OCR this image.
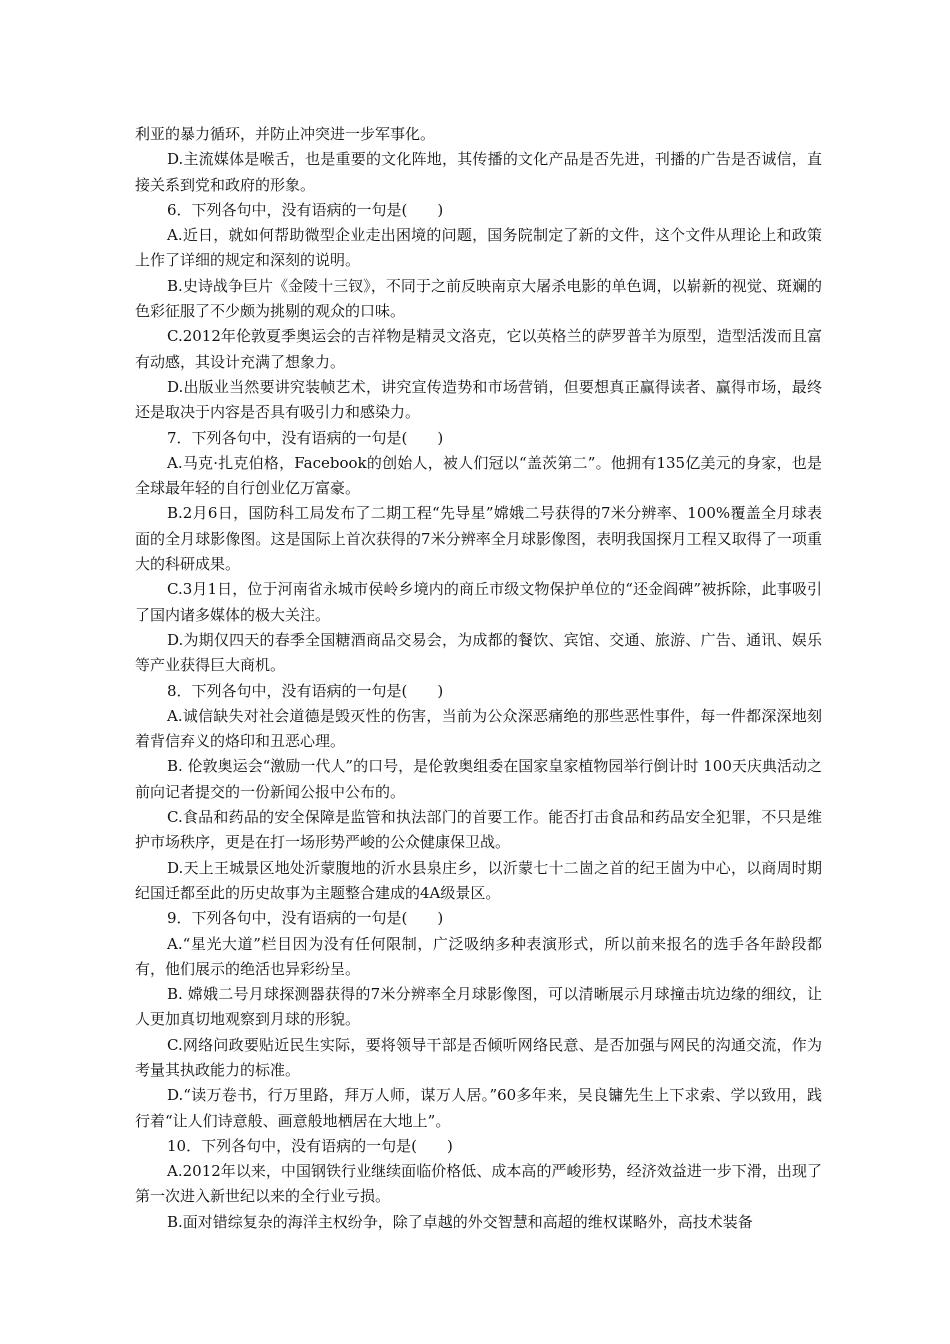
利亚的暴力循环，并防止冲突进一步军事化。

D.主流媒体是喉舌，也是重要的文化阵地，其传播的文化产品是否先进，刊播的广告是否诚信，直接关系到党和政府的形象。

6．下列各句中，没有语病的一句是(　　)

A.近日，就如何帮助微型企业走出困境的问题，国务院制定了新的文件，这个文件从理论上和政策上作了详细的规定和深刻的说明。

B.史诗战争巨片《金陵十三钗》，不同于之前反映南京大屠杀电影的单色调，以崭新的视觉、斑斓的色彩征服了不少颇为挑剔的观众的口味。

C.2012年伦敦夏季奥运会的吉祥物是精灵文洛克，它以英格兰的萨罗普羊为原型，造型活泼而且富有动感，其设计充满了想象力。

D.出版业当然要讲究装帧艺术，讲究宣传造势和市场营销，但要想真正赢得读者、赢得市场，最终还是取决于内容是否具有吸引力和感染力。

7．下列各句中，没有语病的一句是(　　)

A.马克·扎克伯格，Facebook的创始人，被人们冠以“盖茨第二”。他拥有135亿美元的身家，也是全球最年轻的自行创业亿万富豪。

B.2月6日，国防科工局发布了二期工程“先导星”嫦娥二号获得的7米分辨率、100%覆盖全月球表面的全月球影像图。这是国际上首次获得的7米分辨率全月球影像图，表明我国探月工程又取得了一项重大的科研成果。

C.3月1日，位于河南省永城市侯岭乡境内的商丘市级文物保护单位的“还金阎碑”被拆除，此事吸引了国内诸多媒体的极大关注。

D.为期仅四天的春季全国糖酒商品交易会，为成都的餐饮、宾馆、交通、旅游、广告、通讯、娱乐等产业获得巨大商机。

8．下列各句中，没有语病的一句是(　　)

A.诚信缺失对社会道德是毁灭性的伤害，当前为公众深恶痛绝的那些恶性事件，每一件都深深地刻着背信弃义的烙印和丑恶心理。

B. 伦敦奥运会“激励一代人”的口号，是伦敦奥组委在国家皇家植物园举行倒计时 100天庆典活动之前向记者提交的一份新闻公报中公布的。

C.食品和药品的安全保障是监管和执法部门的首要工作。能否打击食品和药品安全犯罪，不只是维护市场秩序，更是在打一场形势严峻的公众健康保卫战。

D.天上王城景区地处沂蒙腹地的沂水县泉庄乡，以沂蒙七十二崮之首的纪王崮为中心，以商周时期纪国迁都至此的历史故事为主题整合建成的4A级景区。

9．下列各句中，没有语病的一句是(　　)

A.“星光大道”栏目因为没有任何限制，广泛吸纳多种表演形式，所以前来报名的选手各年龄段都有，他们展示的绝活也异彩纷呈。

B. 嫦娥二号月球探测器获得的7米分辨率全月球影像图，可以清晰展示月球撞击坑边缘的细纹，让人更加真切地观察到月球的形貌。

C.网络问政要贴近民生实际，要将领导干部是否倾听网络民意、是否加强与网民的沟通交流，作为考量其执政能力的标准。

D.“读万卷书，行万里路，拜万人师，谋万人居。”60多年来，吴良镛先生上下求索、学以致用，践行着“让人们诗意般、画意般地栖居在大地上”。

10．下列各句中，没有语病的一句是(　　)

A.2012年以来，中国钢铁行业继续面临价格低、成本高的严峻形势，经济效益进一步下滑，出现了第一次进入新世纪以来的全行业亏损。

B.面对错综复杂的海洋主权纷争，除了卓越的外交智慧和高超的维权谋略外，高技术装备
